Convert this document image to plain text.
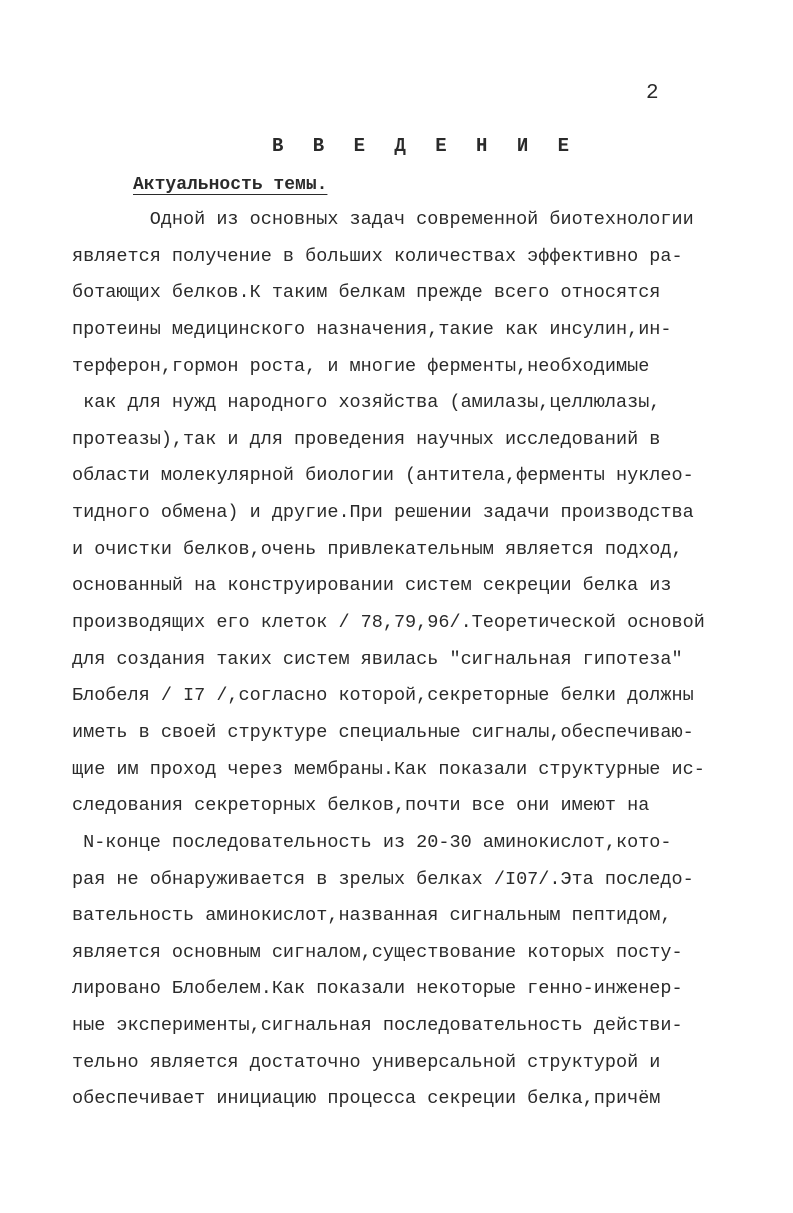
2

В В Е Д Е Н И Е
Актуальность темы.
Одной из основных задач современной биотехнологии
является получение в больших количествах эффективно ра-
ботающих белков.К таким белкам прежде всего относятся
протеины медицинского назначения,такие как инсулин,ин-
терферон,гормон роста, и многие ферменты,необходимые
как для нужд народного хозяйства (амилазы,целлюлазы,
протеазы),так и для проведения научных исследований в
области молекулярной биологии (антитела,ферменты нуклео-
тидного обмена) и другие.При решении задачи производства
и очистки белков,очень привлекательным является подход,
основанный на конструировании систем секреции белка из
производящих его клеток / 78,79,96/.Теоретической основой
для создания таких систем явилась "сигнальная гипотеза"
Блобеля / I7 /,согласно которой,секреторные белки должны
иметь в своей структуре специальные сигналы,обеспечиваю-
щие им проход через мембраны.Как показали структурные ис-
следования секреторных белков,почти все они имеют на
N-конце последовательность из 20-30 аминокислот,кото-
рая не обнаруживается в зрелых белках /I07/.Эта последо-
вательность аминокислот,названная сигнальным пептидом,
является основным сигналом,существование которых посту-
лировано Блобелем.Как показали некоторые генно-инженер-
ные эксперименты,сигнальная последовательность действи-
тельно является достаточно универсальной структурой и
обеспечивает инициацию процесса секреции белка,причём
